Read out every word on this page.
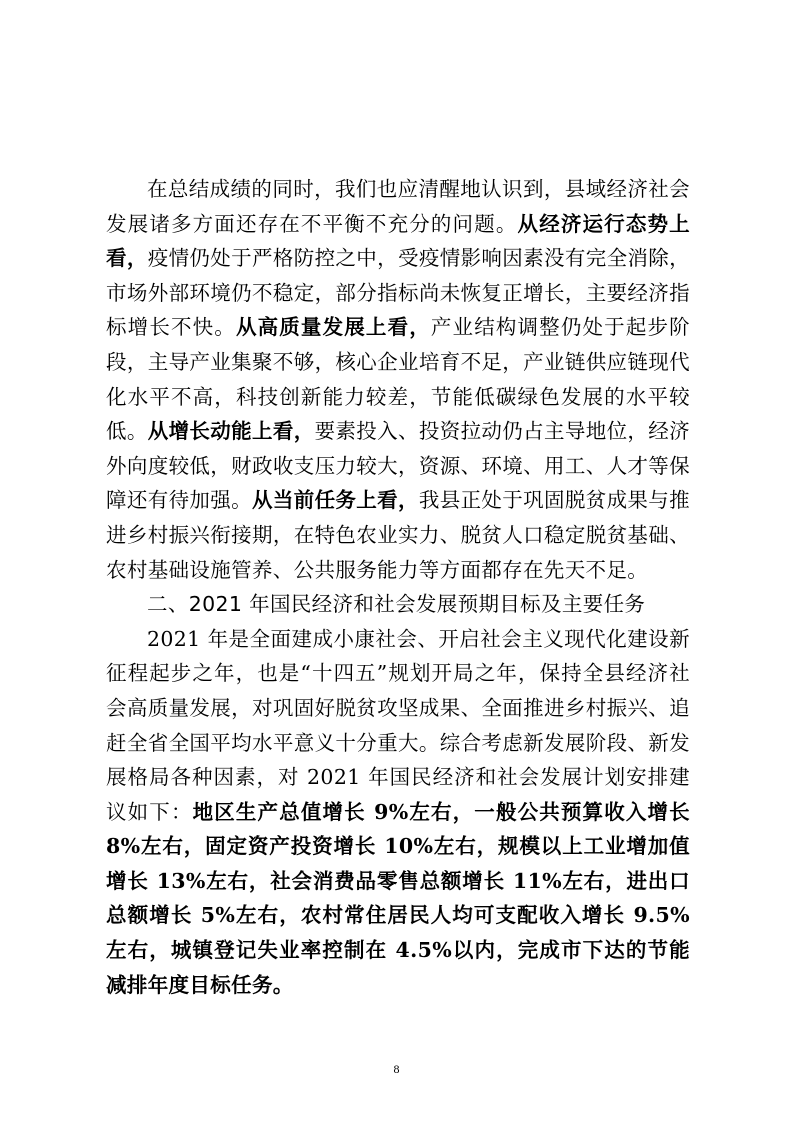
在总结成绩的同时，我们也应清醒地认识到，县域经济社会发展诸多方面还存在不平衡不充分的问题。从经济运行态势上看，疫情仍处于严格防控之中，受疫情影响因素没有完全消除，市场外部环境仍不稳定，部分指标尚未恢复正增长，主要经济指标增长不快。从高质量发展上看，产业结构调整仍处于起步阶段，主导产业集聚不够，核心企业培育不足，产业链供应链现代化水平不高，科技创新能力较差，节能低碳绿色发展的水平较低。从增长动能上看，要素投入、投资拉动仍占主导地位，经济外向度较低，财政收支压力较大，资源、环境、用工、人才等保障还有待加强。从当前任务上看，我县正处于巩固脱贫成果与推进乡村振兴衔接期，在特色农业实力、脱贫人口稳定脱贫基础、农村基础设施管养、公共服务能力等方面都存在先天不足。

二、2021 年国民经济和社会发展预期目标及主要任务

2021 年是全面建成小康社会、开启社会主义现代化建设新征程起步之年，也是“十四五”规划开局之年，保持全县经济社会高质量发展，对巩固好脱贫攻坚成果、全面推进乡村振兴、追赶全省全国平均水平意义十分重大。综合考虑新发展阶段、新发展格局各种因素，对 2021 年国民经济和社会发展计划安排建议如下：地区生产总值增长 9%左右，一般公共预算收入增长 8%左右，固定资产投资增长 10%左右，规模以上工业增加值增长 13%左右，社会消费品零售总额增长 11%左右，进出口总额增长 5%左右，农村常住居民人均可支配收入增长 9.5%左右，城镇登记失业率控制在 4.5%以内，完成市下达的节能减排年度目标任务。

8
